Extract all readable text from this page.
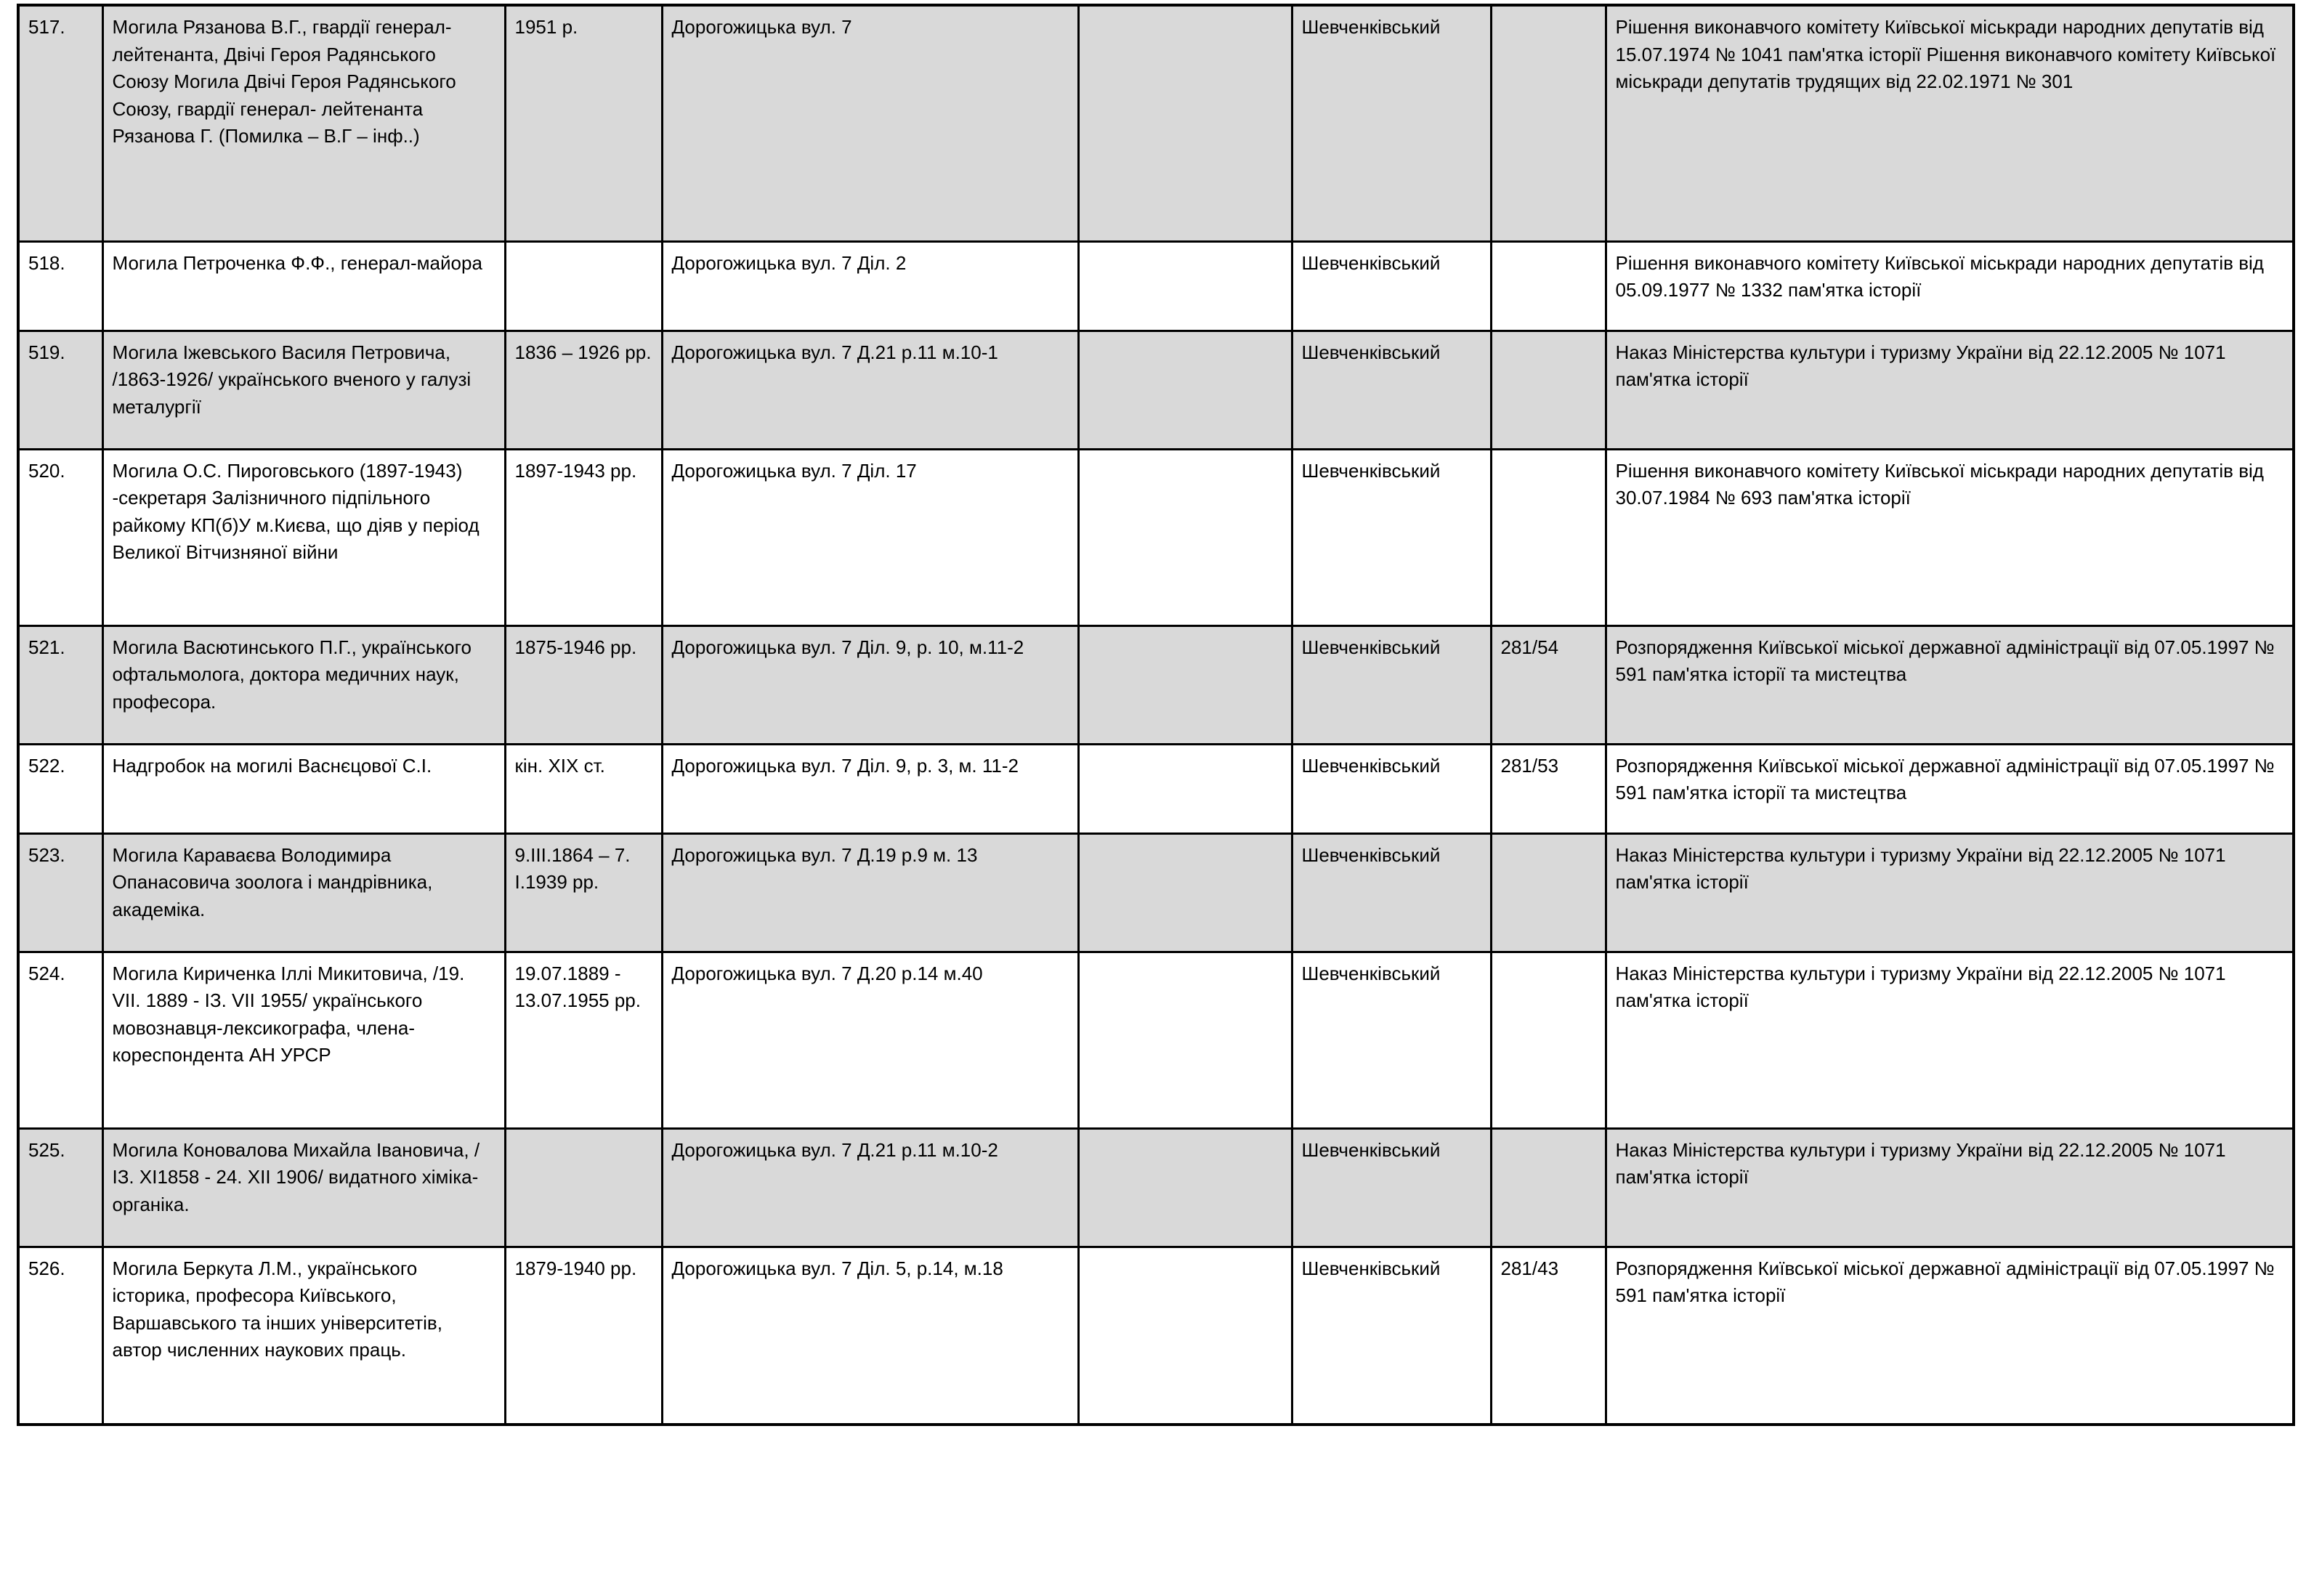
517.	Могила Рязанова В.Г., гвардії генерал-лейтенанта, Двічі Героя Радянського Союзу Могила Двічі Героя Радянського Союзу, гвардії генерал- лейтенанта Рязанова Г. (Помилка – В.Г – інф..)	1951 р.	Дорогожицька вул. 7		Шевченківський		Рішення виконавчого комітету Київської міськради народних депутатів від 15.07.1974 № 1041 пам'ятка історії Рішення виконавчого комітету Київської міськради депутатів трудящих від 22.02.1971 № 301
518.	Могила Петроченка Ф.Ф., генерал-майора		Дорогожицька вул. 7 Діл. 2		Шевченківський		Рішення виконавчого комітету Київської міськради народних депутатів від 05.09.1977 № 1332 пам'ятка історії
519.	Могила Іжевського Василя Петровича, /1863-1926/ українського вченого у галузі металургії	1836 – 1926 рр.	Дорогожицька вул. 7 Д.21 р.11 м.10-1		Шевченківський		Наказ Міністерства культури і туризму України від 22.12.2005 № 1071 пам'ятка історії
520.	Могила О.С. Пироговського (1897-1943) -секретаря Залізничного підпільного райкому КП(б)У м.Києва, що діяв у період Великої Вітчизняної війни	1897-1943 рр.	Дорогожицька вул. 7 Діл. 17		Шевченківський		Рішення виконавчого комітету Київської міськради народних депутатів від 30.07.1984 № 693 пам'ятка історії
521.	Могила Васютинського П.Г., українського офтальмолога, доктора медичних наук, професора.	1875-1946 рр.	Дорогожицька вул. 7 Діл. 9, р. 10, м.11-2		Шевченківський	281/54	Розпорядження Київської міської державної адміністрації від 07.05.1997 № 591 пам'ятка історії та мистецтва
522.	Надгробок на могилі Васнєцової С.І.	кін. XIX ст.	Дорогожицька вул. 7 Діл. 9, р. 3, м. 11-2		Шевченківський	281/53	Розпорядження Київської міської державної адміністрації від 07.05.1997 № 591 пам'ятка історії та мистецтва
523.	Могила Караваєва Володимира Опанасовича зоолога і мандрівника, академіка.	9.ІІІ.1864 – 7. І.1939 рр.	Дорогожицька вул. 7 Д.19 р.9 м. 13		Шевченківський		Наказ Міністерства культури і туризму України від 22.12.2005 № 1071 пам'ятка історії
524.	Могила Кириченка Іллі Микитовича, /19. VІІ. 1889 - ІЗ. VІІ 1955/ українського мовознавця-лексикографа, члена-кореспондента АН УРСР	19.07.1889 - 13.07.1955 рр.	Дорогожицька вул. 7 Д.20 р.14 м.40		Шевченківський		Наказ Міністерства культури і туризму України від 22.12.2005 № 1071 пам'ятка історії
525.	Могила Коновалова Михайла Івановича, /ІЗ. ХІ1858 - 24. ХІІ 1906/ видатного хіміка-органіка.		Дорогожицька вул. 7 Д.21 р.11 м.10-2		Шевченківський		Наказ Міністерства культури і туризму України від 22.12.2005 № 1071 пам'ятка історії
526.	Могила Беркута Л.М., українського історика, професора Київського, Варшавського та інших університетів, автор численних наукових праць.	1879-1940 рр.	Дорогожицька вул. 7 Діл. 5, р.14, м.18		Шевченківський	281/43	Розпорядження Київської міської державної адміністрації від 07.05.1997 № 591 пам'ятка історії
